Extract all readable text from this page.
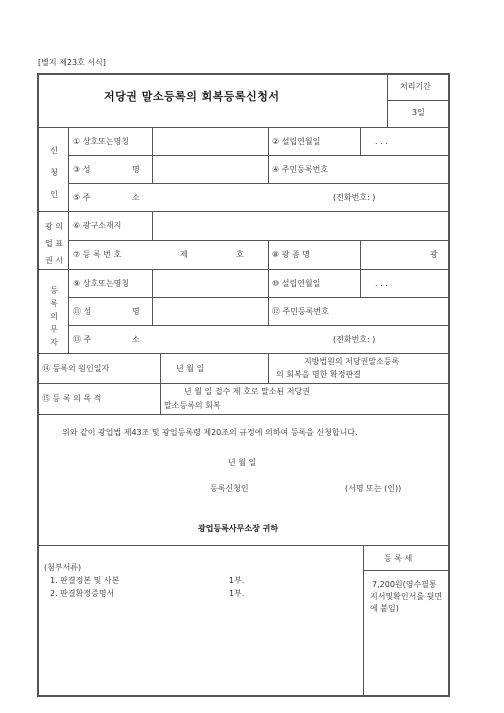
[별지 제23호 서식]
저당권 말소등록의 회복등록신청서
처리기간
3일
신
청
인
① 상호또는명칭	② 설립연월일	. . .
③ 성	명	④ 주민등록번호
⑤ 주	소	(전화번호: )
광 의
업 표
권 시
⑥ 광구소재지
⑦ 등 록 번 호	제	호	⑧ 광 종 명	광
등
록
의
무
자
⑨ 상호또는명칭	⑩ 설립연월일	. . .
⑪ 성	명	⑫ 주민등록번호
⑬ 주	소	(전화번호: )
⑭ 등록의 원인일자	년 월 일
지방법원의 저당권말소등록
의 회복을 명한 확정판결
⑮ 등 록 의 목 적
년 월 일 접수 제 호로 말소된 저당권
말소등록의 회복
위와 같이 광업법 제43조 및 광업등록령 제20조의 규정에 의하여 등록을 신청합니다.
년 월 일
등록신청인	(서명 또는 (인))
광업등록사무소장 귀하
(첨부서류)
1. 판결정본 및 사본	1부.
2. 판결확정증명서	1부.
등 록 세
7,200원(영수필통
지서및확인서를 뒷면
에 붙임)
